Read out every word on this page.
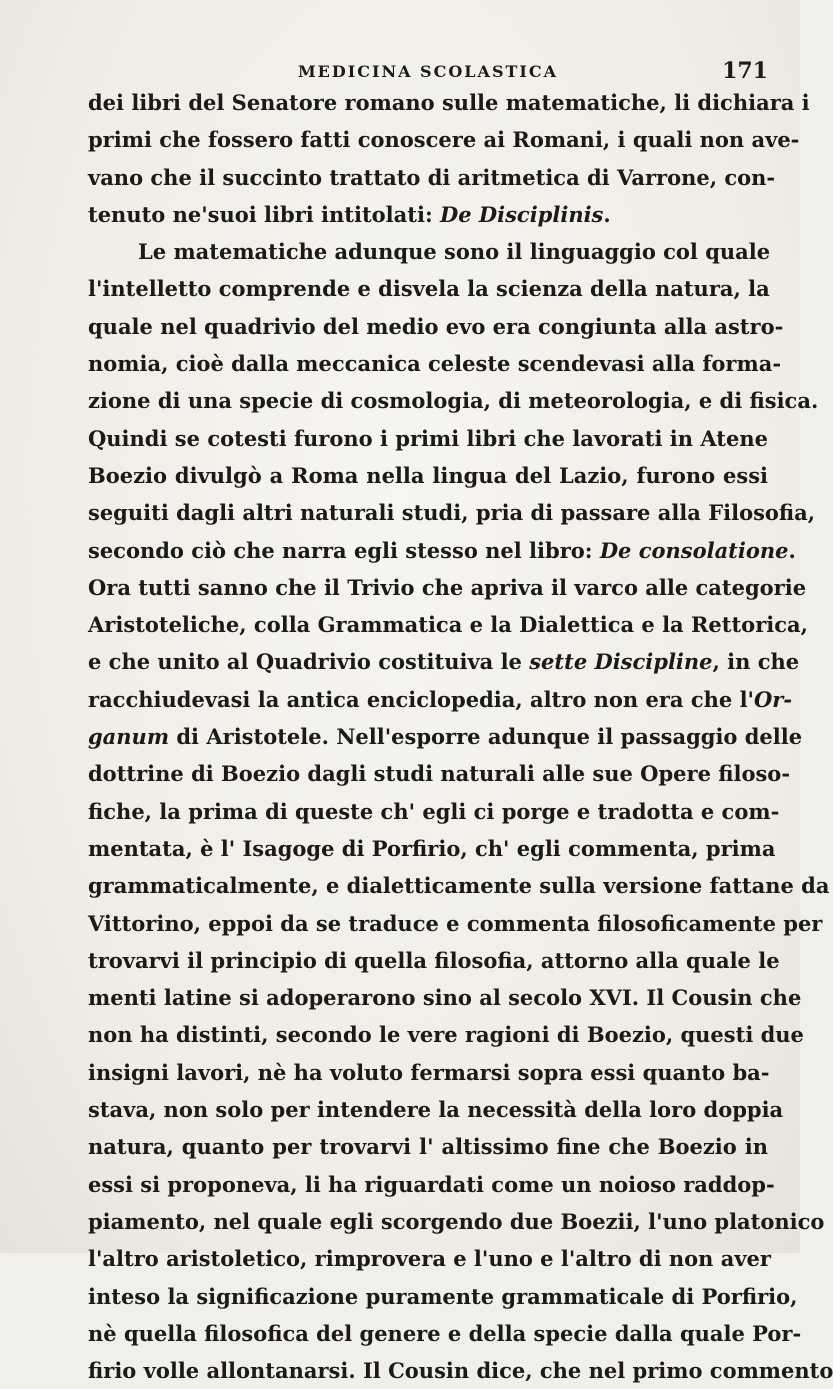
MEDICINA SCOLASTICA	171
dei libri del Senatore romano sulle matematiche, li dichiara i
primi che fossero fatti conoscere ai Romani, i quali non ave-
vano che il succinto trattato di aritmetica di Varrone, con-
tenuto ne'suoi libri intitolati: De Disciplinis.
Le matematiche adunque sono il linguaggio col quale
l'intelletto comprende e disvela la scienza della natura, la
quale nel quadrivio del medio evo era congiunta alla astro-
nomia, cioè dalla meccanica celeste scendevasi alla forma-
zione di una specie di cosmologia, di meteorologia, e di fisica.
Quindi se cotesti furono i primi libri che lavorati in Atene
Boezio divulgò a Roma nella lingua del Lazio, furono essi
seguiti dagli altri naturali studi, pria di passare alla Filosofia,
secondo ciò che narra egli stesso nel libro: De consolatione.
Ora tutti sanno che il Trivio che apriva il varco alle categorie
Aristoteliche, colla Grammatica e la Dialettica e la Rettorica,
e che unito al Quadrivio costituiva le sette Discipline, in che
racchiudevasi la antica enciclopedia, altro non era che l'Or-
ganum di Aristotele. Nell'esporre adunque il passaggio delle
dottrine di Boezio dagli studi naturali alle sue Opere filoso-
fiche, la prima di queste ch' egli ci porge e tradotta e com-
mentata, è l' Isagoge di Porfirio, ch' egli commenta, prima
grammaticalmente, e dialetticamente sulla versione fattane da
Vittorino, eppoi da se traduce e commenta filosoficamente per
trovarvi il principio di quella filosofia, attorno alla quale le
menti latine si adoperarono sino al secolo XVI. Il Cousin che
non ha distinti, secondo le vere ragioni di Boezio, questi due
insigni lavori, nè ha voluto fermarsi sopra essi quanto ba-
stava, non solo per intendere la necessità della loro doppia
natura, quanto per trovarvi l' altissimo fine che Boezio in
essi si proponeva, li ha riguardati come un noioso raddop-
piamento, nel quale egli scorgendo due Boezii, l'uno platonico
l'altro aristoletico, rimprovera e l'uno e l'altro di non aver
inteso la significazione puramente grammaticale di Porfirio,
nè quella filosofica del genere e della specie dalla quale Por-
firio volle allontanarsi. Il Cousin dice, che nel primo commento
